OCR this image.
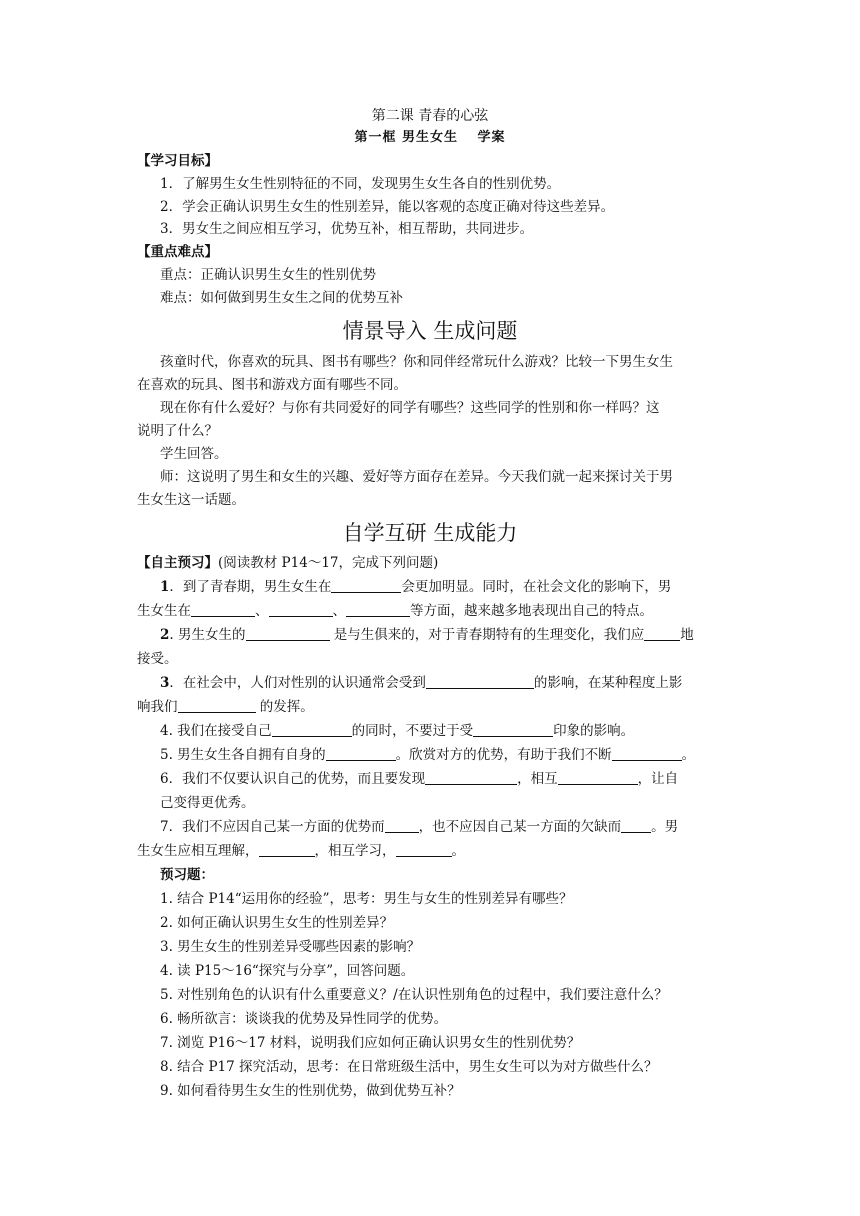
第二课 青春的心弦
第一框 男生女生　 学案
【学习目标】
1．了解男生女生性别特征的不同，发现男生女生各自的性别优势。
2．学会正确认识男生女生的性别差异，能以客观的态度正确对待这些差异。
3．男女生之间应相互学习，优势互补，相互帮助，共同进步。
【重点难点】
重点：正确认识男生女生的性别优势
难点：如何做到男生女生之间的优势互补
情景导入 生成问题
孩童时代，你喜欢的玩具、图书有哪些？你和同伴经常玩什么游戏？比较一下男生女生
在喜欢的玩具、图书和游戏方面有哪些不同。
现在你有什么爱好？与你有共同爱好的同学有哪些？这些同学的性别和你一样吗？这
说明了什么？
学生回答。
师：这说明了男生和女生的兴趣、爱好等方面存在差异。今天我们就一起来探讨关于男
生女生这一话题。
自学互研 生成能力
【自主预习】(阅读教材 P14～17，完成下列问题)
1．到了青春期，男生女生在	会更加明显。同时，在社会文化的影响下，男
生女生在	、	、	等方面，越来越多地表现出自己的特点。
2. 男生女生的	是与生俱来的，对于青春期特有的生理变化，我们应	地
接受。
3．在社会中，人们对性别的认识通常会受到	的影响，在某种程度上影
响我们	的发挥。
4. 我们在接受自己	的同时，不要过于受	印象的影响。
5. 男生女生各自拥有自身的	。欣赏对方的优势，有助于我们不断	。
6．我们不仅要认识自己的优势，而且要发现	，相互	，让自
己变得更优秀。
7．我们不应因自己某一方面的优势而	，也不应因自己某一方面的欠缺而 。男
生女生应相互理解，	，相互学习，	。
预习题：
1. 结合 P14“运用你的经验”，思考：男生与女生的性别差异有哪些？
2. 如何正确认识男生女生的性别差异？
3. 男生女生的性别差异受哪些因素的影响？
4. 读 P15～16“探究与分享”，回答问题。
5. 对性别角色的认识有什么重要意义？/在认识性别角色的过程中，我们要注意什么？
6. 畅所欲言：谈谈我的优势及异性同学的优势。
7. 浏览 P16～17 材料，说明我们应如何正确认识男女生的性别优势？
8. 结合 P17 探究活动，思考：在日常班级生活中，男生女生可以为对方做些什么？
9. 如何看待男生女生的性别优势，做到优势互补？
